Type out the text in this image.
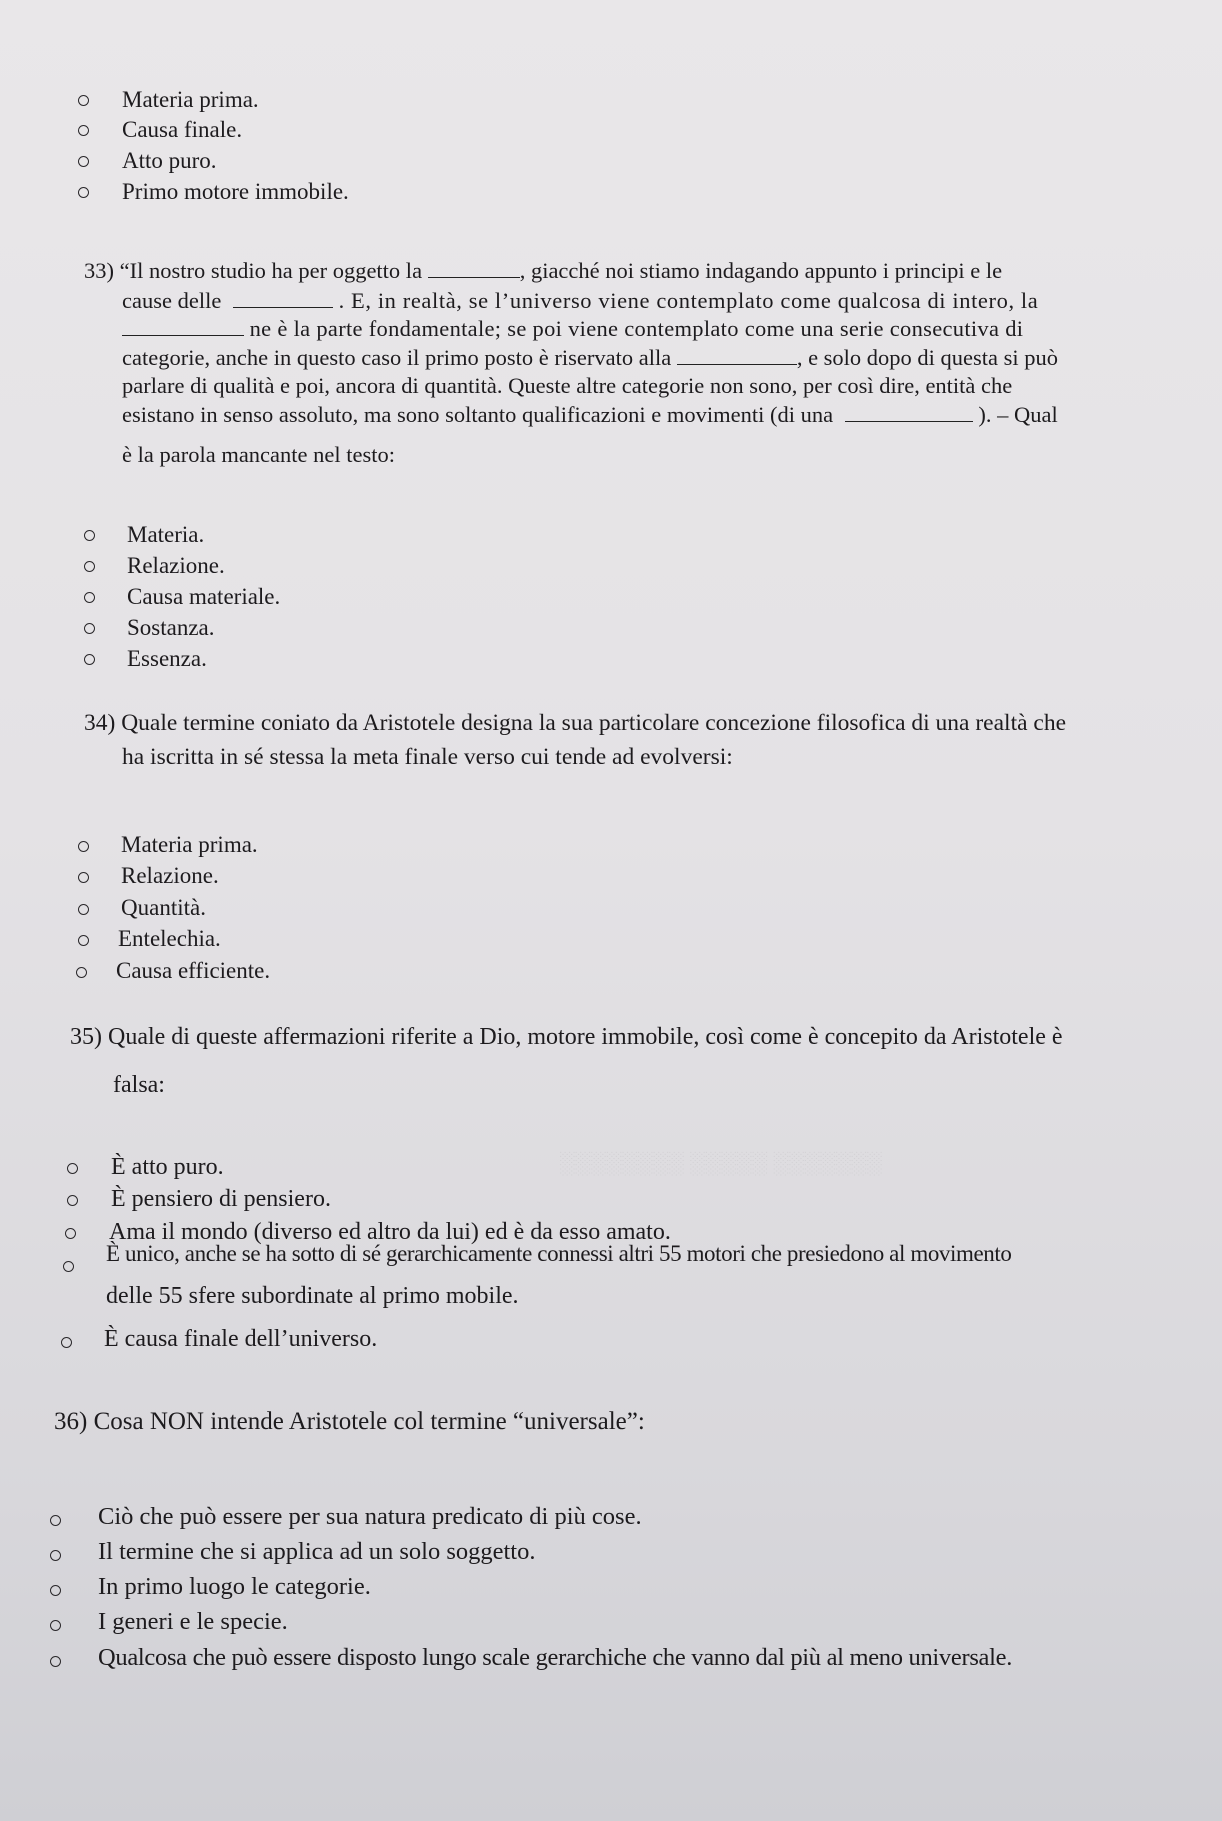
░░░░░░░ ░░░░░ ░░░░░░░░
Materia prima.
Causa finale.
Atto puro.
Primo motore immobile.
33) “Il nostro studio ha per oggetto la	, giacché noi stiamo indagando appunto i principi e le
cause delle	. E, in realtà, se l’universo viene contemplato come qualcosa di intero, la
ne è la parte fondamentale; se poi viene contemplato come una serie consecutiva di
categorie, anche in questo caso il primo posto è riservato alla	, e solo dopo di questa si può
parlare di qualità e poi, ancora di quantità. Queste altre categorie non sono, per così dire, entità che
esistano in senso assoluto, ma sono soltanto qualificazioni e movimenti (di una	). – Qual
è la parola mancante nel testo:
Materia.
Relazione.
Causa materiale.
Sostanza.
Essenza.
34) Quale termine coniato da Aristotele designa la sua particolare concezione filosofica di una realtà che
ha iscritta in sé stessa la meta finale verso cui tende ad evolversi:
Materia prima.
Relazione.
Quantità.
Entelechia.
Causa efficiente.
35) Quale di queste affermazioni riferite a Dio, motore immobile, così come è concepito da Aristotele è
falsa:
È atto puro.
È pensiero di pensiero.
Ama il mondo (diverso ed altro da lui) ed è da esso amato.
È unico, anche se ha sotto di sé gerarchicamente connessi altri 55 motori che presiedono al movimento
delle 55 sfere subordinate al primo mobile.
È causa finale dell’universo.
36) Cosa NON intende Aristotele col termine “universale”:
Ciò che può essere per sua natura predicato di più cose.
Il termine che si applica ad un solo soggetto.
In primo luogo le categorie.
I generi e le specie.
Qualcosa che può essere disposto lungo scale gerarchiche che vanno dal più al meno universale.
